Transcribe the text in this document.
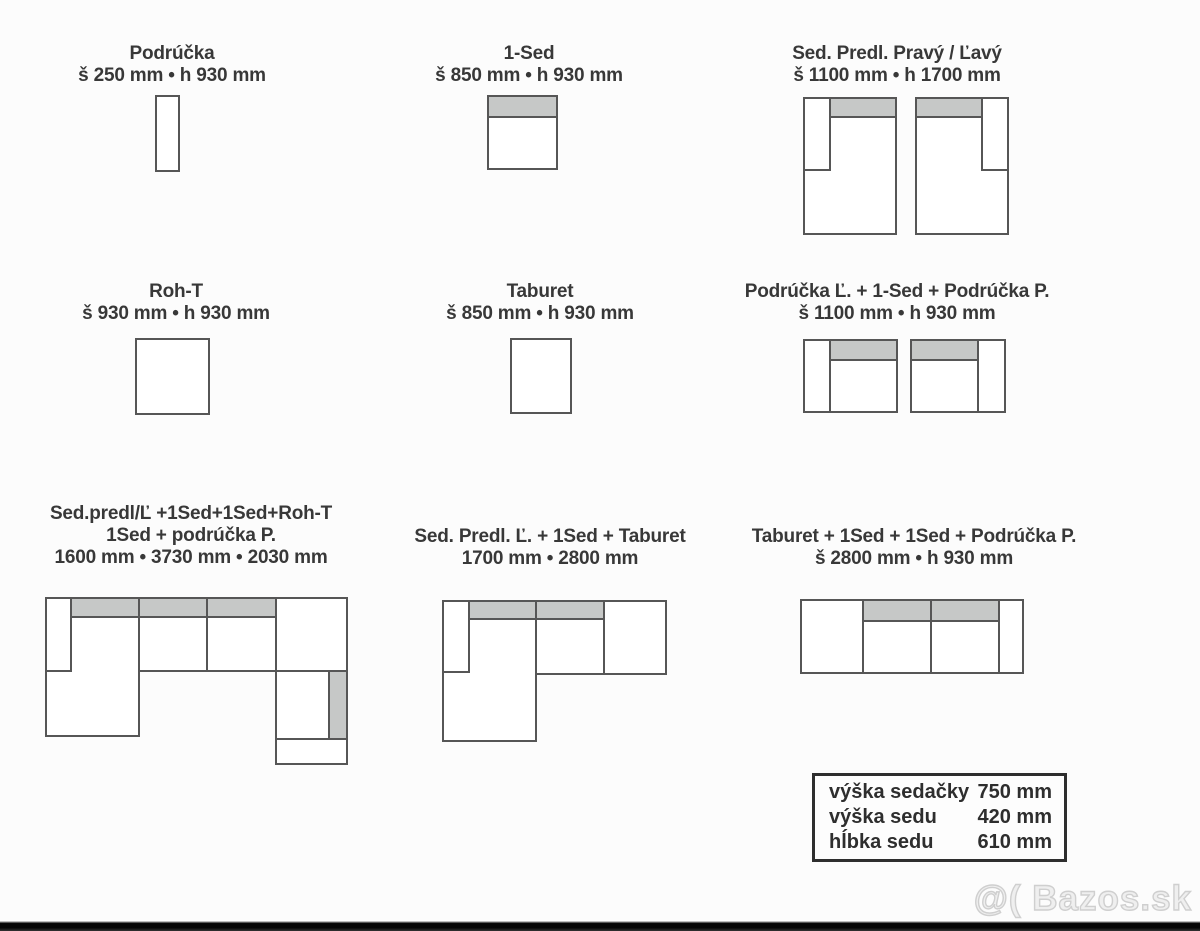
Podrúčka
š 250 mm • h 930 mm
1-Sed
š 850 mm • h 930 mm
Sed. Predl. Pravý / Ľavý
š 1100 mm • h 1700 mm
Roh-T
š 930 mm • h 930 mm
Taburet
š 850 mm • h 930 mm
Podrúčka Ľ. + 1-Sed + Podrúčka P.
š 1100 mm • h 930 mm
Sed.predl/Ľ +1Sed+1Sed+Roh-T
1Sed + podrúčka P.
1600 mm • 3730 mm • 2030 mm
Sed. Predl. Ľ. + 1Sed + Taburet
1700 mm • 2800 mm
Taburet + 1Sed + 1Sed + Podrúčka P.
š 2800 mm • h 930 mm
výška sedačky 750 mm
výška sedu 420 mm
hĺbka sedu 610 mm
@( Bazos.sk
